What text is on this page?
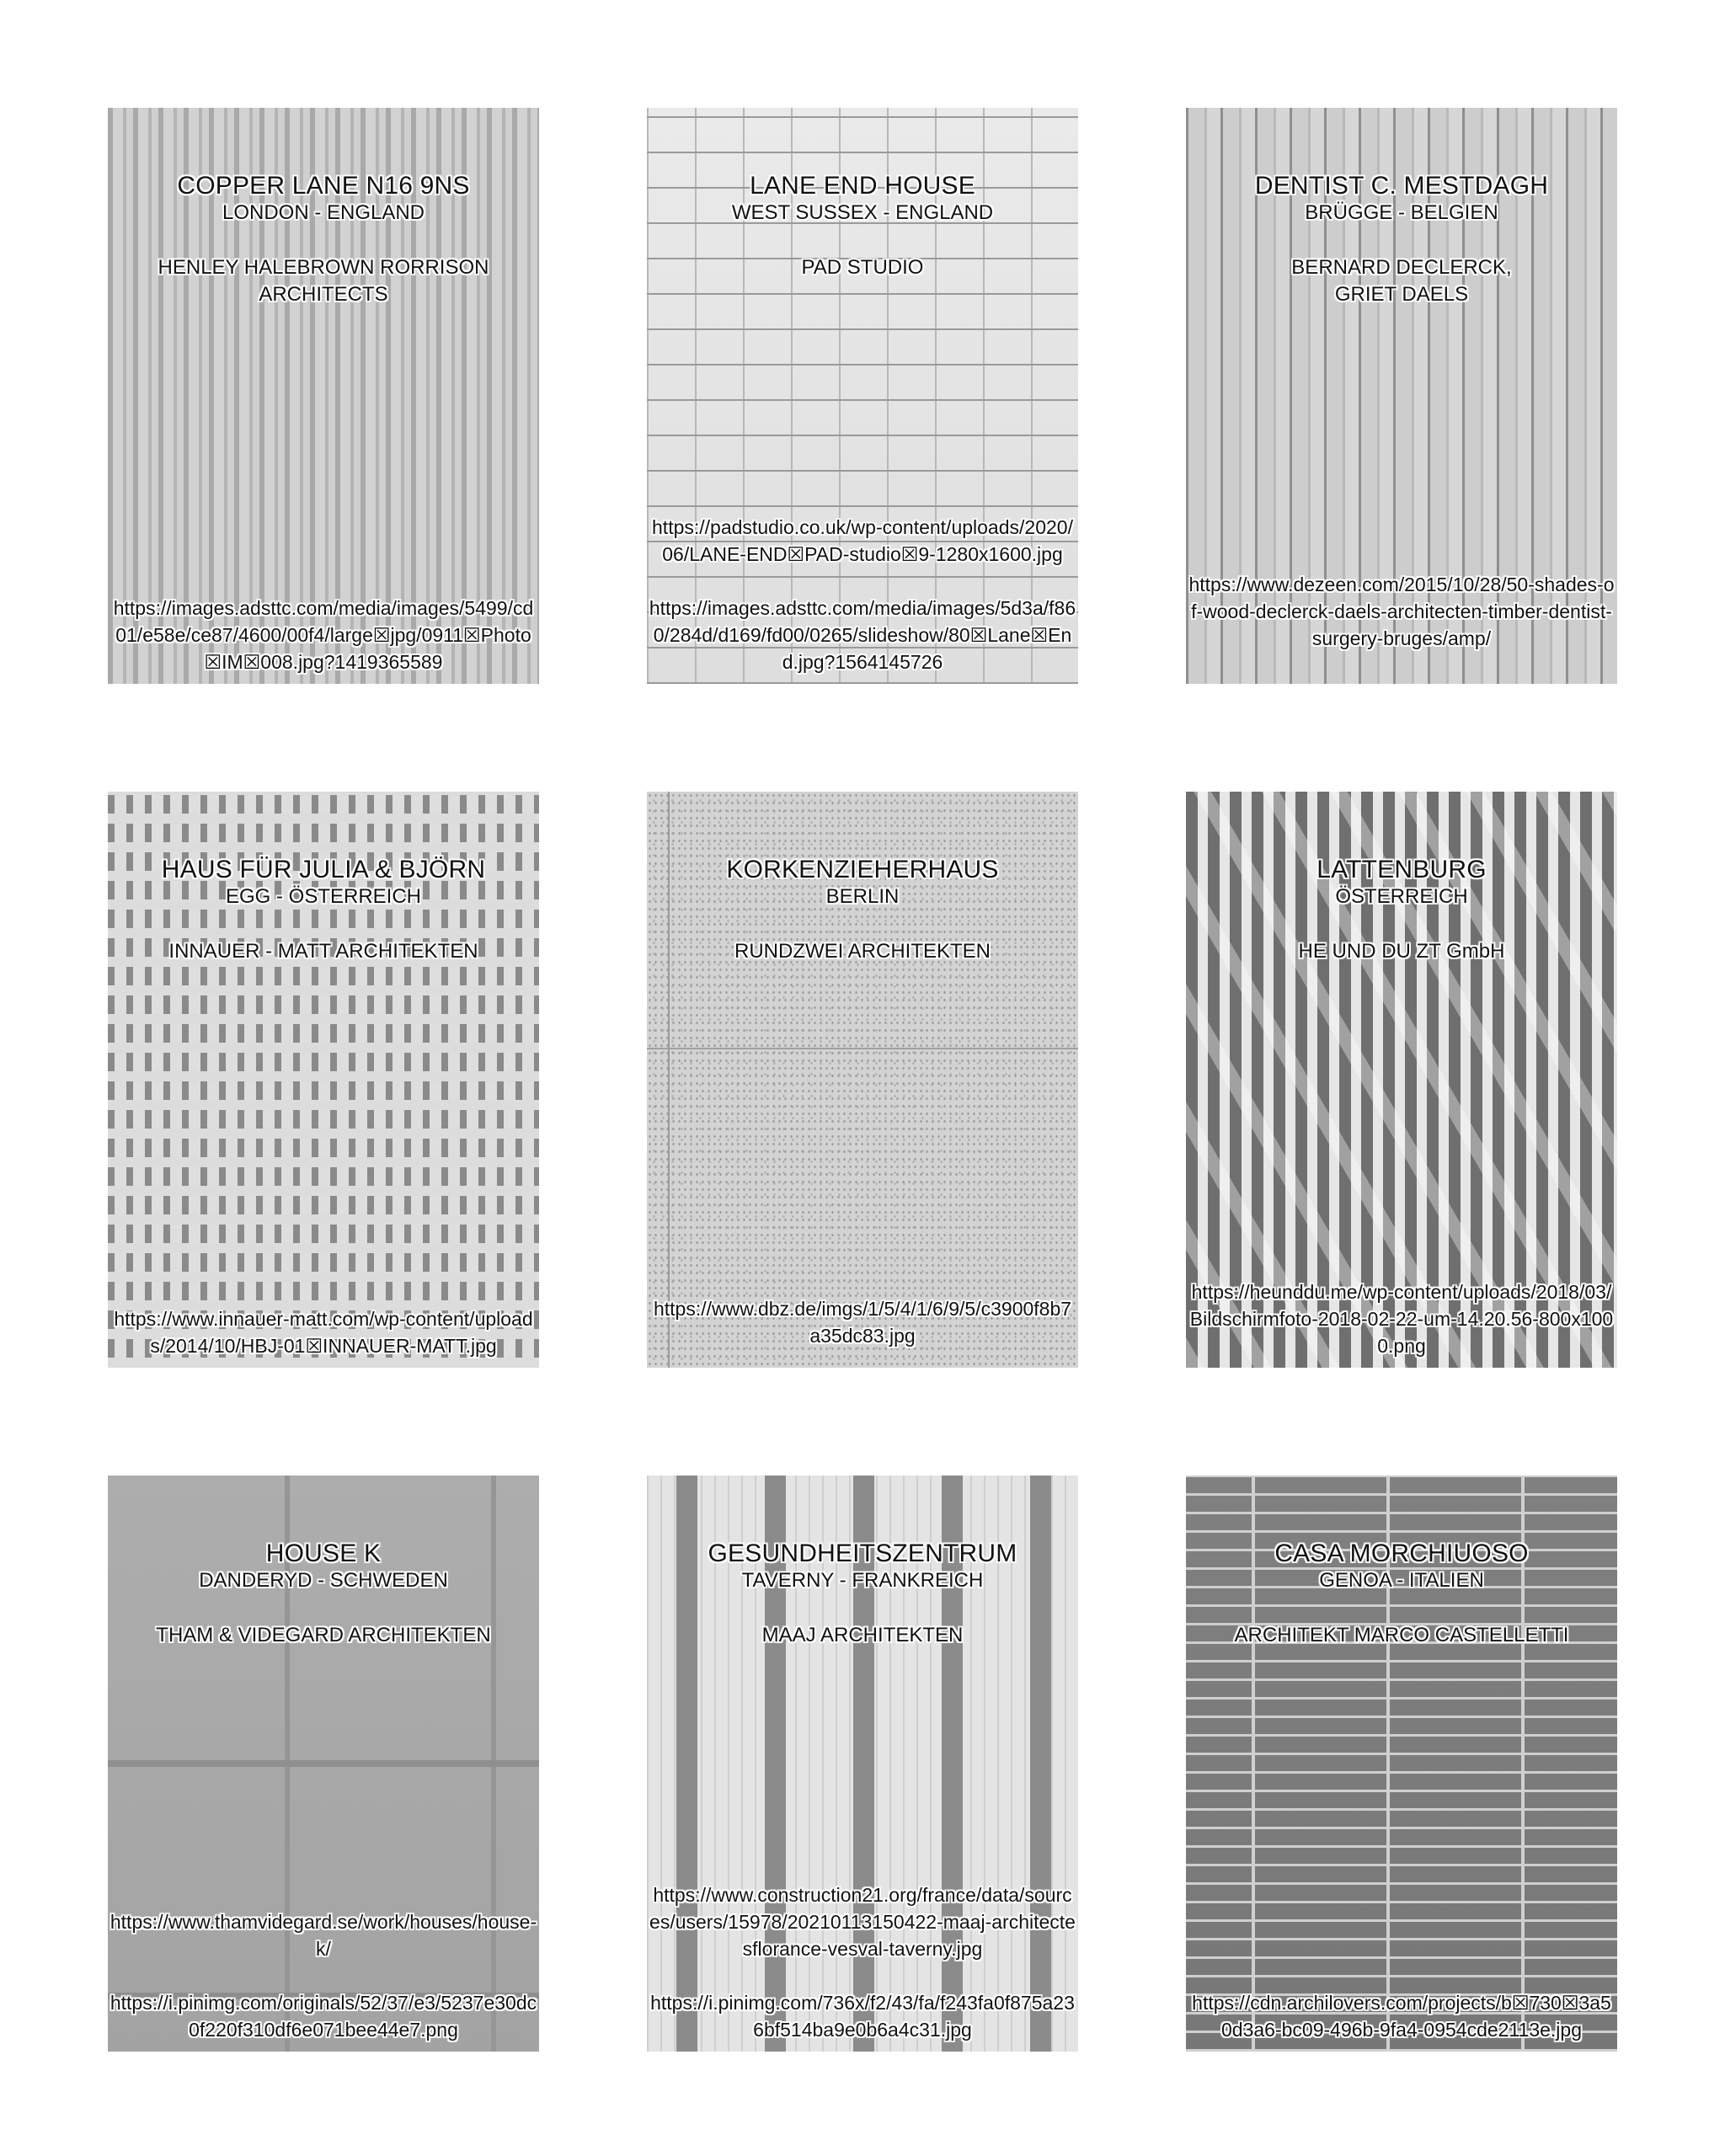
COPPER LANE N16 9NS
LONDON - ENGLAND
HENLEY HALEBROWN RORRISON
ARCHITECTS
https://images.adsttc.com/media/images/5499/cd01/e58e/ce87/4600/00f4/large☒jpg/0911☒Photo☒IM☒008.jpg?1419365589
LANE END HOUSE
WEST SUSSEX - ENGLAND
PAD STUDIO
https://padstudio.co.uk/wp-content/uploads/2020/06/LANE-END☒PAD-studio☒9-1280x1600.jpg
https://images.adsttc.com/media/images/5d3a/f860/284d/d169/fd00/0265/slideshow/80☒Lane☒End.jpg?1564145726
DENTIST C. MESTDAGH
BRÜGGE - BELGIEN
BERNARD DECLERCK,
GRIET DAELS
https://www.dezeen.com/2015/10/28/50-shades-of-wood-declerck-daels-architecten-timber-dentist-surgery-bruges/amp/
HAUS FÜR JULIA & BJÖRN
EGG - ÖSTERREICH
INNAUER - MATT ARCHITEKTEN
https://www.innauer-matt.com/wp-content/uploads/2014/10/HBJ-01☒INNAUER-MATT.jpg
KORKENZIEHERHAUS
BERLIN
RUNDZWEI ARCHITEKTEN
https://www.dbz.de/imgs/1/5/4/1/6/9/5/c3900f8b7a35dc83.jpg
LATTENBURG
ÖSTERREICH
HE UND DU ZT GmbH
https://heunddu.me/wp-content/uploads/2018/03/Bildschirmfoto-2018-02-22-um-14.20.56-800x1000.png
HOUSE K
DANDERYD - SCHWEDEN
THAM & VIDEGARD ARCHITEKTEN
https://www.thamvidegard.se/work/houses/house-k/
https://i.pinimg.com/originals/52/37/e3/5237e30dc0f220f310df6e071bee44e7.png
GESUNDHEITSZENTRUM
TAVERNY - FRANKREICH
MAAJ ARCHITEKTEN
https://www.construction21.org/france/data/sources/users/15978/20210113150422-maaj-architectesflorance-vesval-taverny.jpg
https://i.pinimg.com/736x/f2/43/fa/f243fa0f875a236bf514ba9e0b6a4c31.jpg
CASA MORCHIUOSO
GENOA - ITALIEN
ARCHITEKT MARCO CASTELLETTI
https://cdn.archilovers.com/projects/b☒730☒3a50d3a6-bc09-496b-9fa4-0954cde2113e.jpg
